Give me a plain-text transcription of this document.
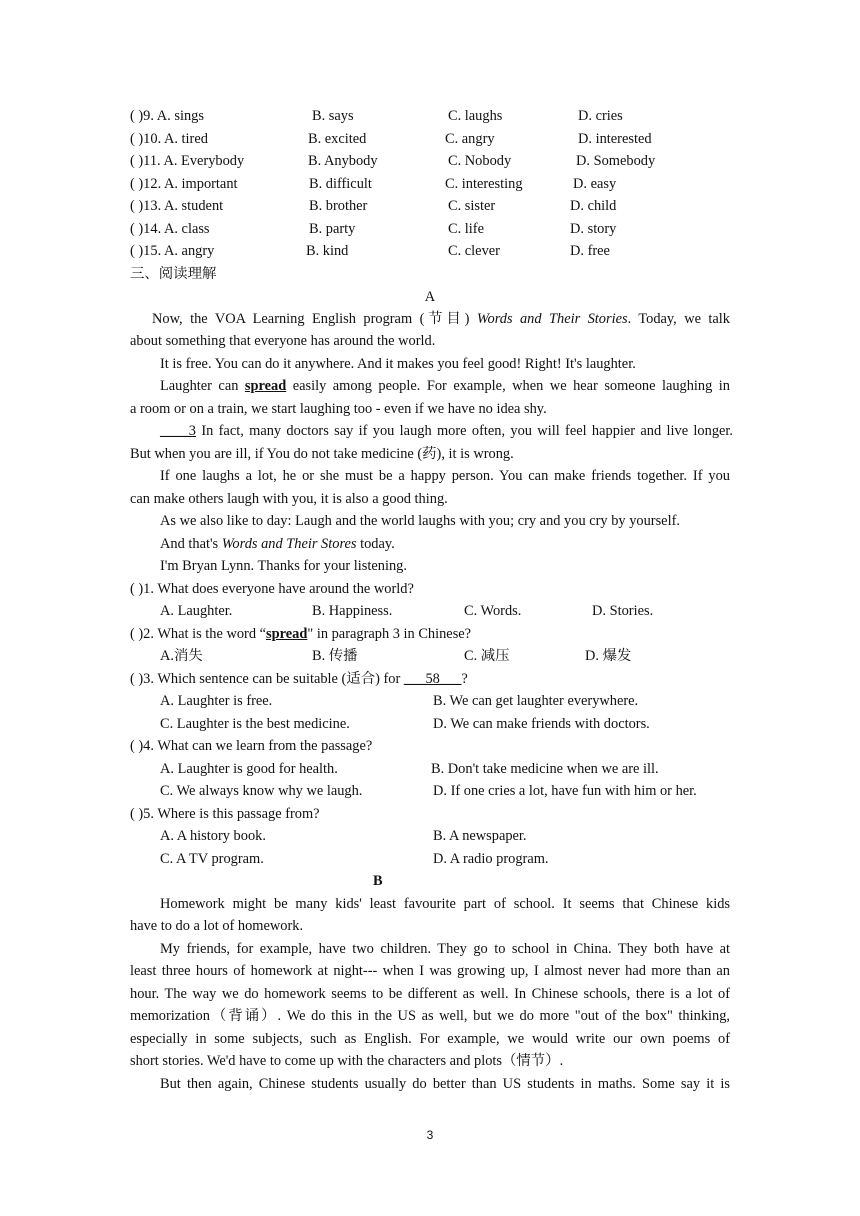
( )9. A. sings	B. says	C. laughs	D. cries
( )10. A. tired	B. excited	C. angry	D. interested
( )11. A. Everybody	B. Anybody	C. Nobody	D. Somebody
( )12. A. important	B. difficult	C. interesting	D. easy
( )13. A. student	B. brother	C. sister	D. child
( )14. A. class	B. party	C. life	D. story
( )15. A. angry	B. kind	C. clever	D. free
三、阅读理解
A
Now, the VOA Learning English program (节目) Words and Their Stories. Today, we talk
about something that everyone has around the world.
It is free. You can do it anywhere. And it makes you feel good! Right! It's laughter.
Laughter can spread easily among people. For example, when we hear someone laughing in
a room or on a train, we start laughing too - even if we have no idea shy.
____3 In fact, many doctors say if you laugh more often, you will feel happier and live longer.
But when you are ill, if You do not take medicine (药), it is wrong.
If one laughs a lot, he or she must be a happy person. You can make friends together. If you
can make others laugh with you, it is also a good thing.
As we also like to day: Laugh and the world laughs with you; cry and you cry by yourself.
And that's Words and Their Stores today.
I'm Bryan Lynn. Thanks for your listening.
( )1. What does everyone have around the world?
A. Laughter.	B. Happiness.	C. Words.	D. Stories.
( )2. What is the word “spread" in paragraph 3 in Chinese?
A.消失	B. 传播	C. 减压	D. 爆发
( )3. Which sentence can be suitable (适合) for ___58___?
A. Laughter is free.	B. We can get laughter everywhere.
C. Laughter is the best medicine.	D. We can make friends with doctors.
( )4. What can we learn from the passage?
A. Laughter is good for health.	B. Don't take medicine when we are ill.
C. We always know why we laugh.	D. If one cries a lot, have fun with him or her.
( )5. Where is this passage from?
A. A history book.	B. A newspaper.
C. A TV program.	D. A radio program.
B
Homework might be many kids' least favourite part of school. It seems that Chinese kids
have to do a lot of homework.
My friends, for example, have two children. They go to school in China. They both have at
least three hours of homework at night--- when I was growing up, I almost never had more than an
hour. The way we do homework seems to be different as well. In Chinese schools, there is a lot of
memorization（背诵）. We do this in the US as well, but we do more "out of the box" thinking,
especially in some subjects, such as English. For example, we would write our own poems of
short stories. We'd have to come up with the characters and plots（情节）.
But then again, Chinese students usually do better than US students in maths. Some say it is
3
